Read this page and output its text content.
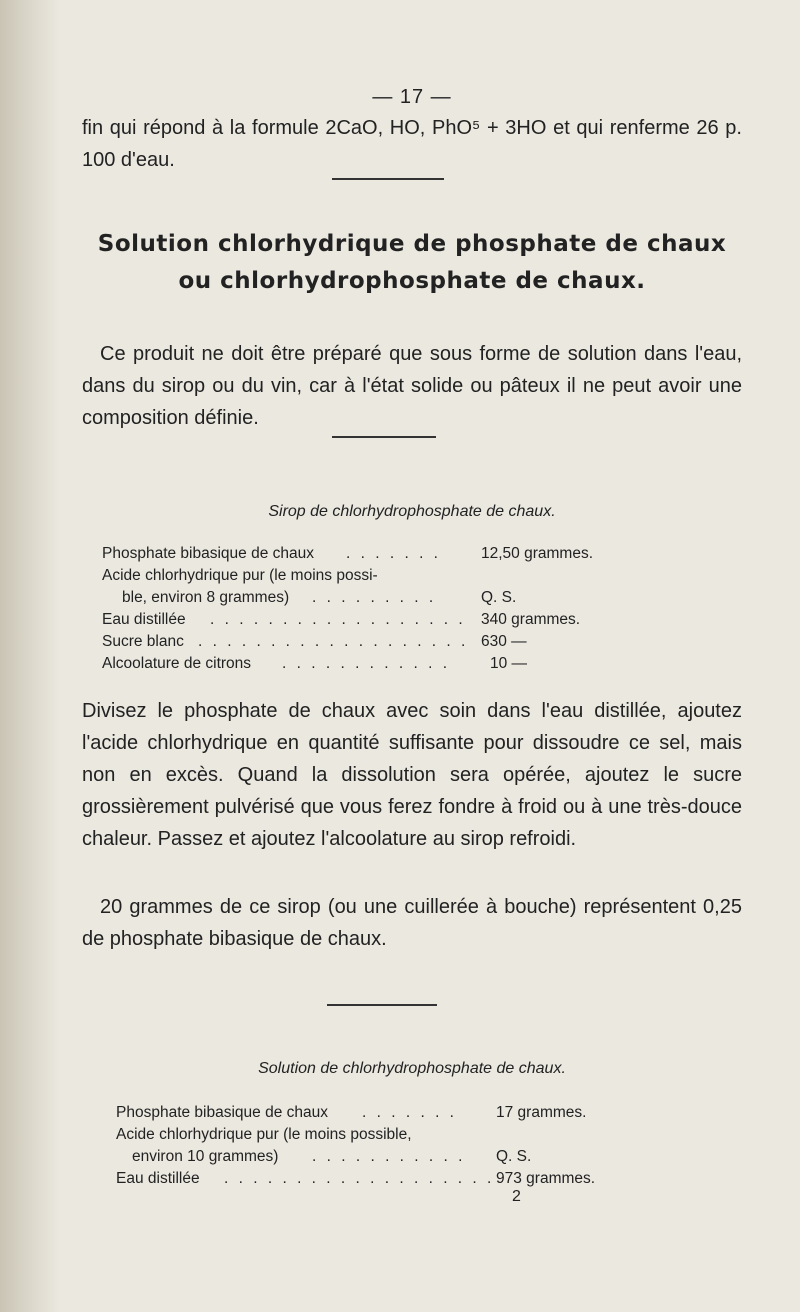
— 17 —
fin qui répond à la formule 2CaO, HO, PhO⁵ + 3HO et qui renferme 26 p. 100 d'eau.
Solution chlorhydrique de phosphate de chaux
ou chlorhydrophosphate de chaux.
Ce produit ne doit être préparé que sous forme de solution dans l'eau, dans du sirop ou du vin, car à l'état solide ou pâteux il ne peut avoir une composition définie.
Sirop de chlorhydrophosphate de chaux.
Phosphate bibasique de chaux . . . . . . .	12,50 grammes.
Acide chlorhydrique pur (le moins possi-
ble, environ 8 grammes) . . . . . . . . .	Q. S.
Eau distillée . . . . . . . . . . . . . . . . . . 340 grammes.
Sucre blanc . . . . . . . . . . . . . . . . . . . 630 —
Alcoolature de citrons . . . . . . . . . . . .	10 —
Divisez le phosphate de chaux avec soin dans l'eau distillée, ajoutez l'acide chlorhydrique en quantité suffisante pour dissoudre ce sel, mais non en excès. Quand la dissolution sera opérée, ajoutez le sucre grossièrement pulvérisé que vous ferez fondre à froid ou à une très-douce chaleur. Passez et ajoutez l'alcoolature au sirop refroidi.
20 grammes de ce sirop (ou une cuillerée à bouche) représentent 0,25 de phosphate bibasique de chaux.
Solution de chlorhydrophosphate de chaux.
Phosphate bibasique de chaux . . . . . . .	17 grammes.
Acide chlorhydrique pur (le moins possible,
environ 10 grammes) . . . . . . . . . . . Q. S.
Eau distillée . . . . . . . . . . . . . . . . . . . 973 grammes.
2
